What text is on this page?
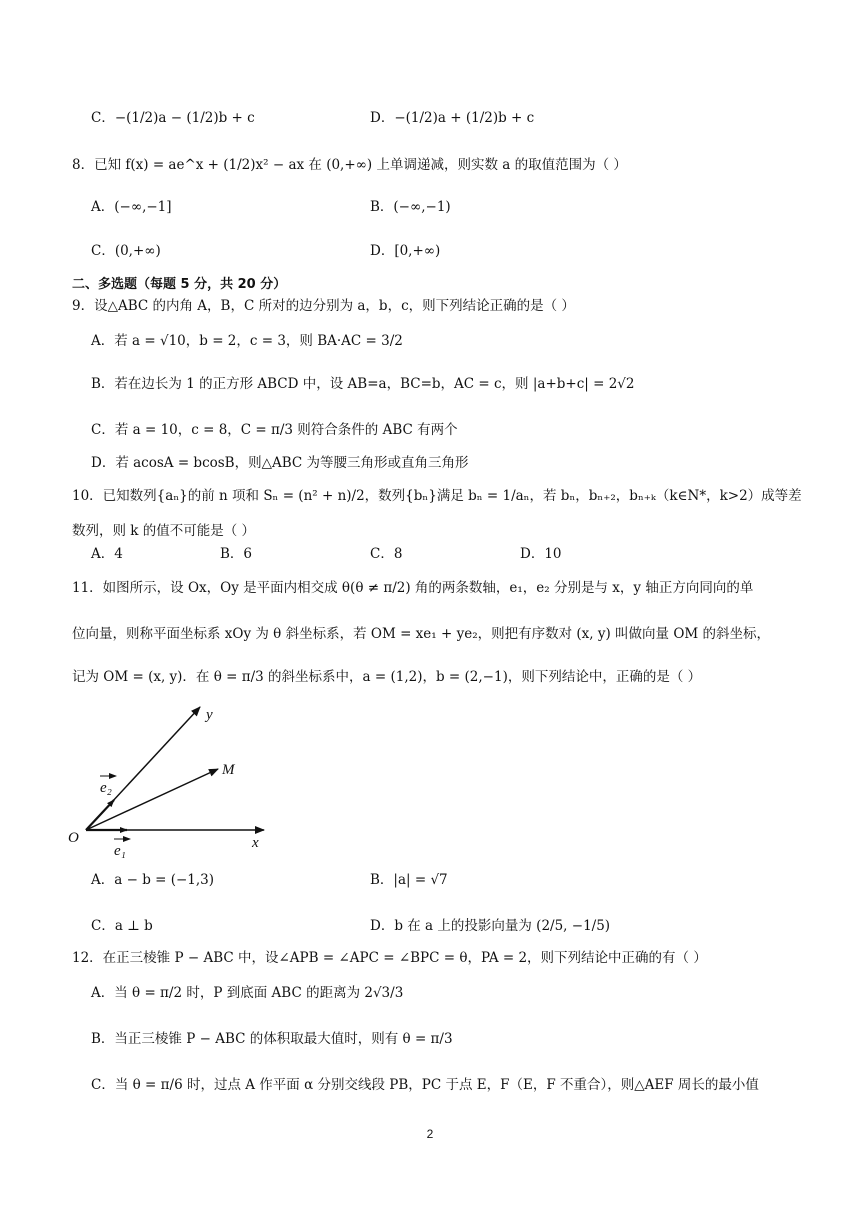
C．−(1/2)a − (1/2)b + c	D．−(1/2)a + (1/2)b + c
8．已知 f(x) = ae^x + (1/2)x² − ax 在 (0,+∞) 上单调递减，则实数 a 的取值范围为（ ）
A．(−∞,−1]	B．(−∞,−1)
C．(0,+∞)	D．[0,+∞)
二、多选题（每题 5 分，共 20 分）
9．设△ABC 的内角 A，B，C 所对的边分别为 a，b，c，则下列结论正确的是（ ）
A．若 a = √10，b = 2，c = 3，则 BA·AC = 3/2
B．若在边长为 1 的正方形 ABCD 中，设 AB=a，BC=b，AC = c，则 |a+b+c| = 2√2
C．若 a = 10，c = 8，C = π/3 则符合条件的 ABC 有两个
D．若 acosA = bcosB，则△ABC 为等腰三角形或直角三角形
10．已知数列{aₙ}的前 n 项和 Sₙ = (n² + n)/2，数列{bₙ}满足 bₙ = 1/aₙ，若 bₙ，bₙ₊₂，bₙ₊ₖ（k∈N*，k>2）成等差
数列，则 k 的值不可能是（ ）
A．4	B．6	C．8	D．10
11．如图所示，设 Ox，Oy 是平面内相交成 θ(θ ≠ π/2) 角的两条数轴，e₁，e₂ 分别是与 x，y 轴正方向同向的单
位向量，则称平面坐标系 xOy 为 θ 斜坐标系，若 OM = xe₁ + ye₂，则把有序数对 (x, y) 叫做向量 OM 的斜坐标，
记为 OM = (x, y)．在 θ = π/3 的斜坐标系中，a = (1,2)，b = (2,−1)，则下列结论中，正确的是（ ）
y
M
O	x
e₂
e₁
A．a − b = (−1,3)	B．|a| = √7
C．a ⊥ b	D．b 在 a 上的投影向量为 (2/5, −1/5)
12．在正三棱锥 P − ABC 中，设∠APB = ∠APC = ∠BPC = θ，PA = 2，则下列结论中正确的有（ ）
A．当 θ = π/2 时，P 到底面 ABC 的距离为 2√3/3
B．当正三棱锥 P − ABC 的体积取最大值时，则有 θ = π/3
C．当 θ = π/6 时，过点 A 作平面 α 分别交线段 PB，PC 于点 E，F（E，F 不重合），则△AEF 周长的最小值
2
